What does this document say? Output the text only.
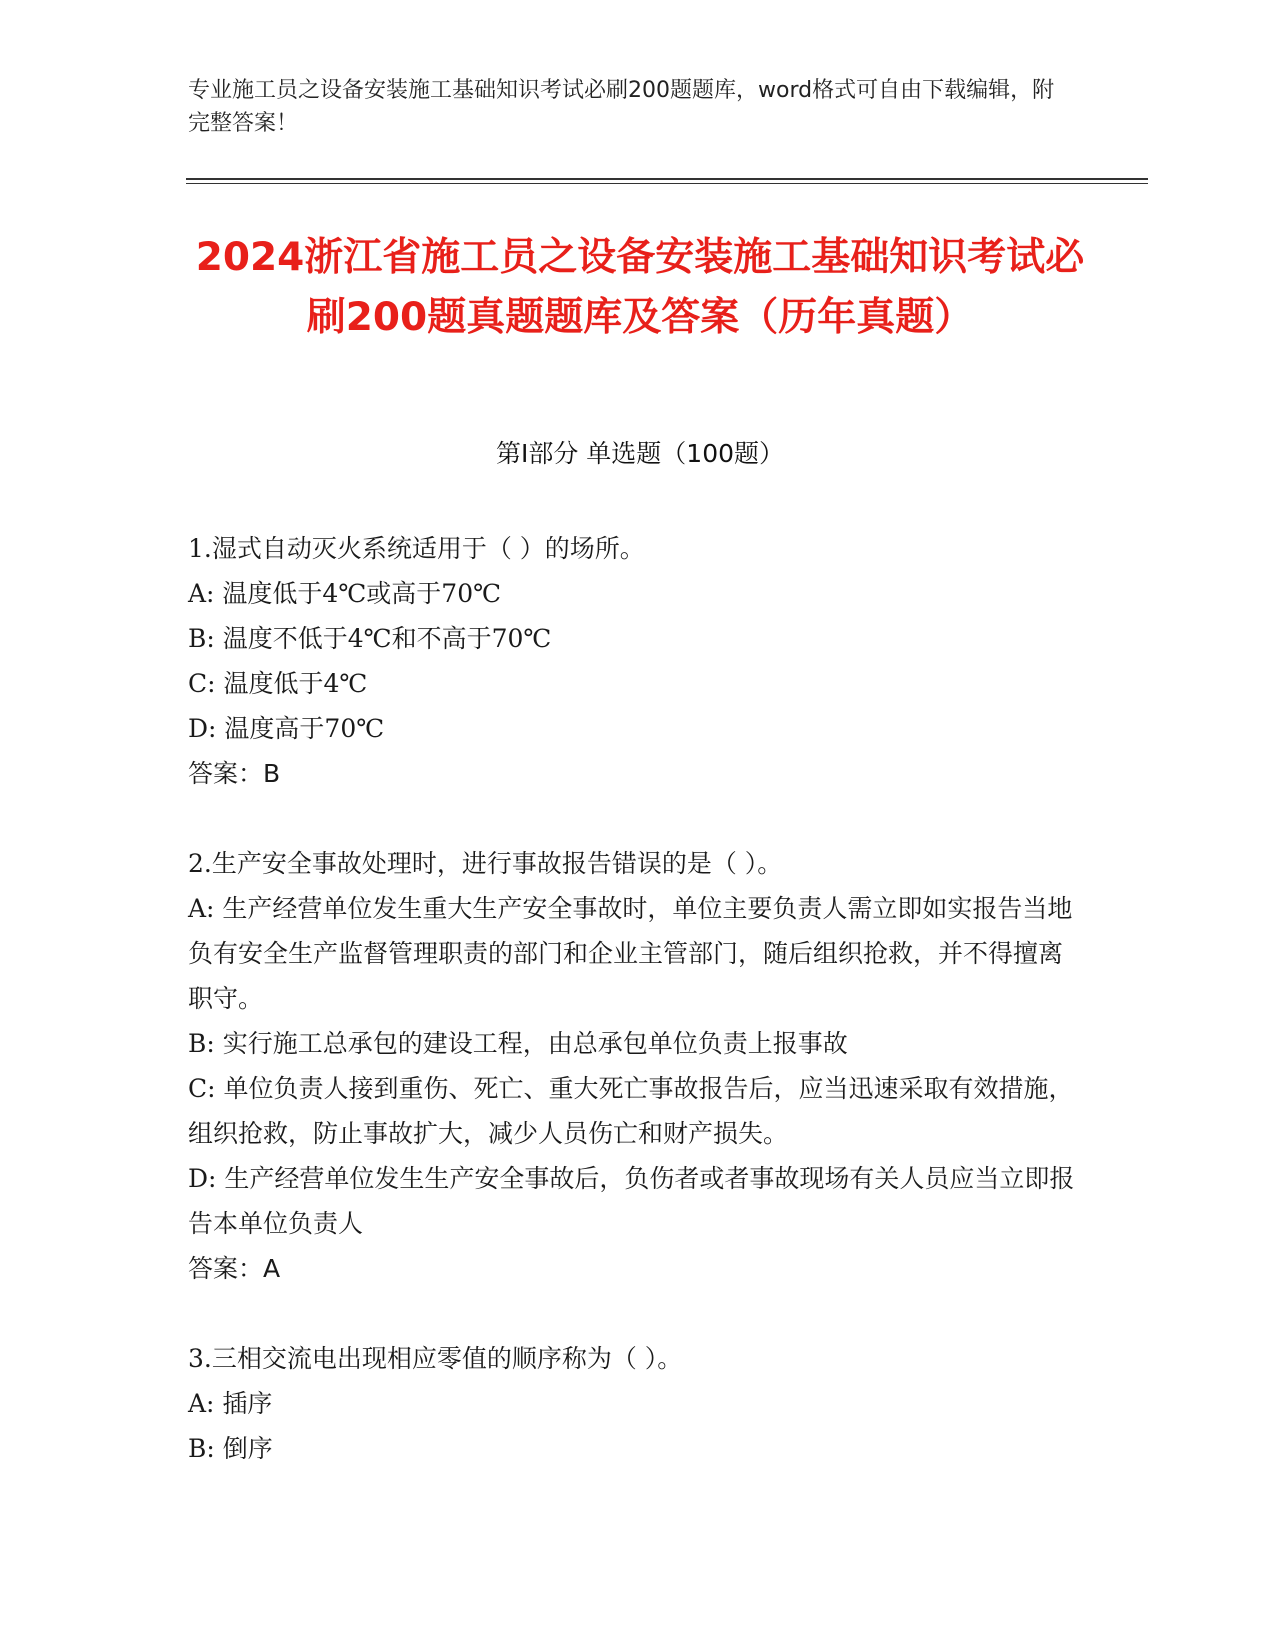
专业施工员之设备安装施工基础知识考试必刷200题题库，word格式可自由下载编辑，附完整答案！
2024浙江省施工员之设备安装施工基础知识考试必刷200题真题题库及答案（历年真题）
第Ⅰ部分 单选题（100题）

1.湿式自动灭火系统适用于（ ）的场所。

A: 温度低于4℃或高于70℃

B: 温度不低于4℃和不高于70℃

C: 温度低于4℃

D: 温度高于70℃

答案：B

2.生产安全事故处理时，进行事故报告错误的是（ ）。

A: 生产经营单位发生重大生产安全事故时，单位主要负责人需立即如实报告当地负有安全生产监督管理职责的部门和企业主管部门，随后组织抢救，并不得擅离职守。

B: 实行施工总承包的建设工程，由总承包单位负责上报事故

C: 单位负责人接到重伤、死亡、重大死亡事故报告后，应当迅速采取有效措施，组织抢救，防止事故扩大，减少人员伤亡和财产损失。

D: 生产经营单位发生生产安全事故后，负伤者或者事故现场有关人员应当立即报告本单位负责人

答案：A

3.三相交流电出现相应零值的顺序称为（ ）。

A: 插序

B: 倒序
